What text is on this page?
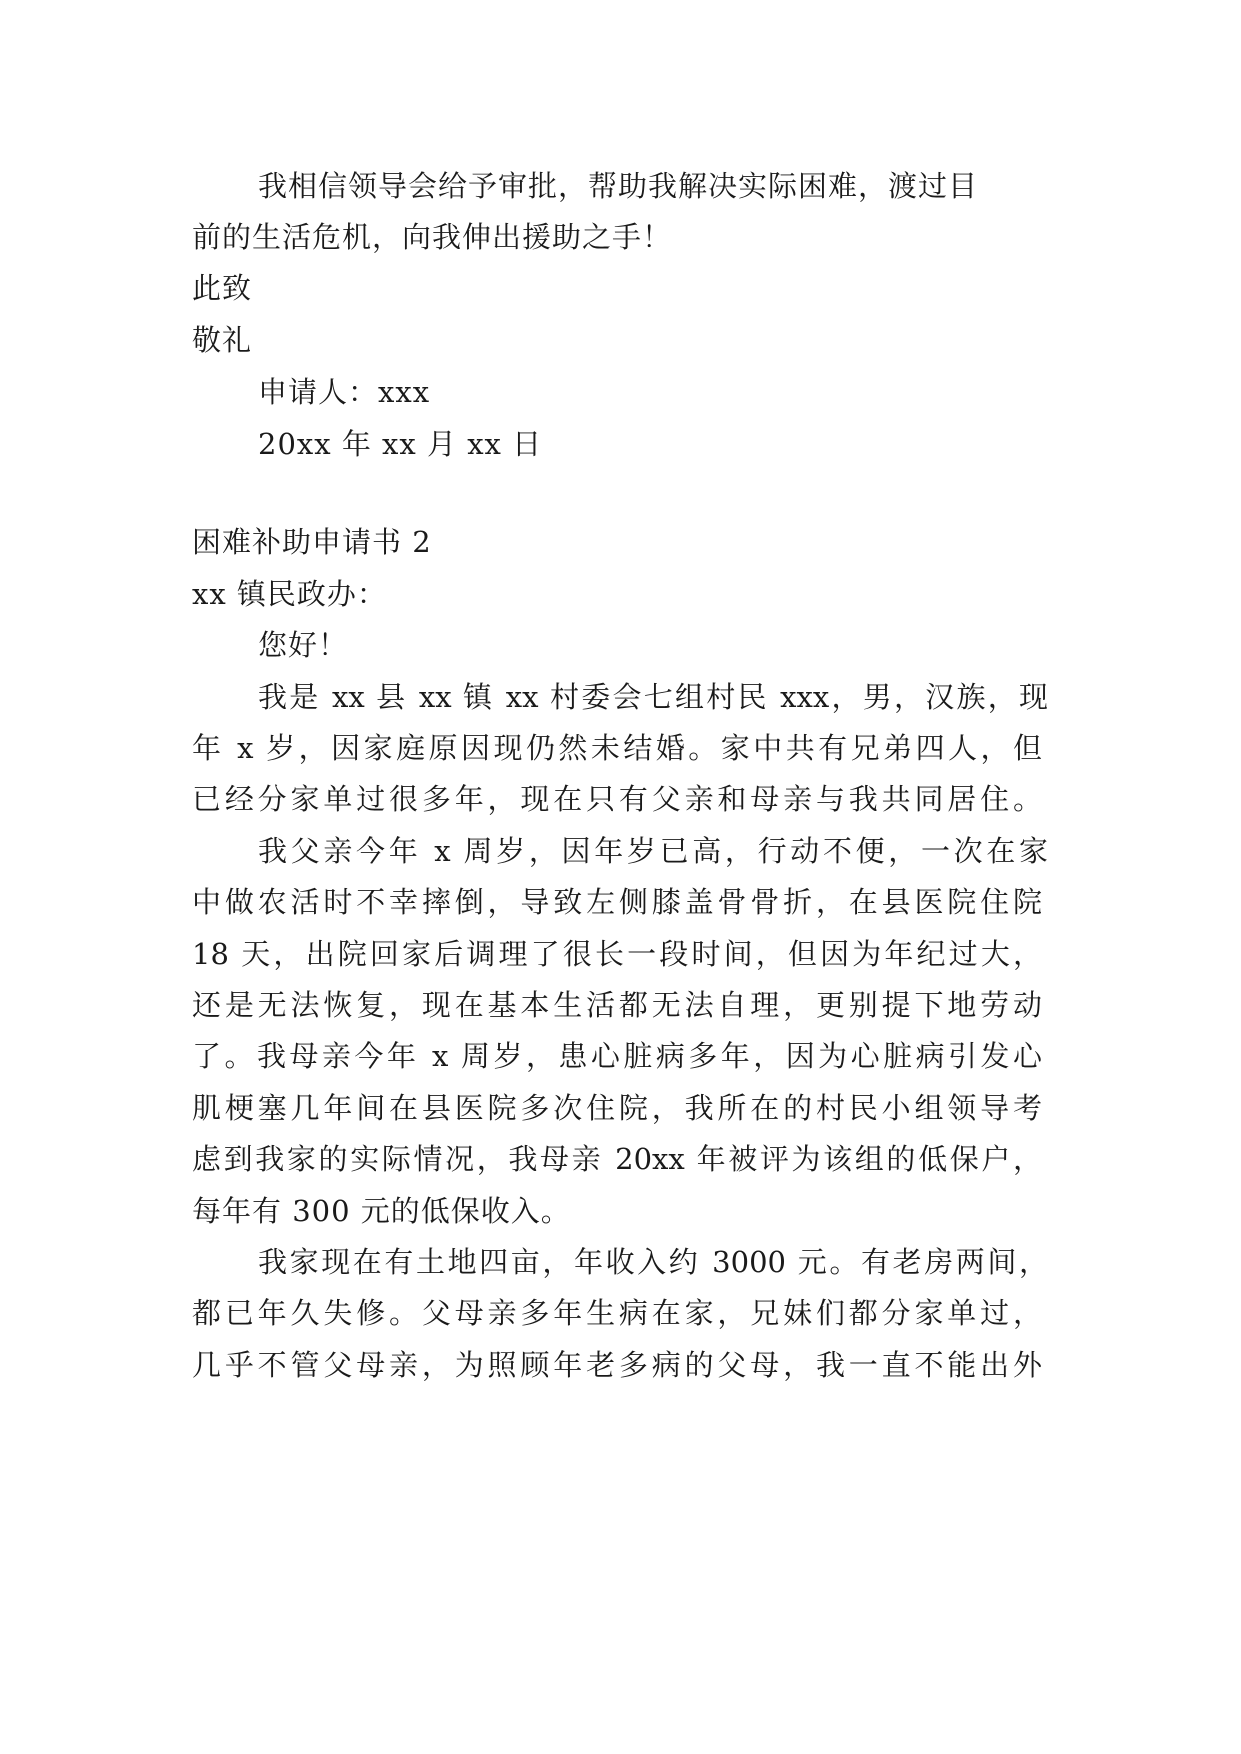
我相信领导会给予审批，帮助我解决实际困难，渡过目
前的生活危机，向我伸出援助之手！
此致
敬礼
申请人：xxx
20xx 年 xx 月 xx 日
困难补助申请书 2
xx 镇民政办：
您好！
我是 xx 县 xx 镇 xx 村委会七组村民 xxx，男，汉族，现
年 x 岁，因家庭原因现仍然未结婚。家中共有兄弟四人，但
已经分家单过很多年，现在只有父亲和母亲与我共同居住。
我父亲今年 x 周岁，因年岁已高，行动不便，一次在家
中做农活时不幸摔倒，导致左侧膝盖骨骨折，在县医院住院
18 天，出院回家后调理了很长一段时间，但因为年纪过大，
还是无法恢复，现在基本生活都无法自理，更别提下地劳动
了。我母亲今年 x 周岁，患心脏病多年，因为心脏病引发心
肌梗塞几年间在县医院多次住院，我所在的村民小组领导考
虑到我家的实际情况，我母亲 20xx 年被评为该组的低保户，
每年有 300 元的低保收入。
我家现在有土地四亩，年收入约 3000 元。有老房两间，
都已年久失修。父母亲多年生病在家，兄妹们都分家单过，
几乎不管父母亲，为照顾年老多病的父母，我一直不能出外
